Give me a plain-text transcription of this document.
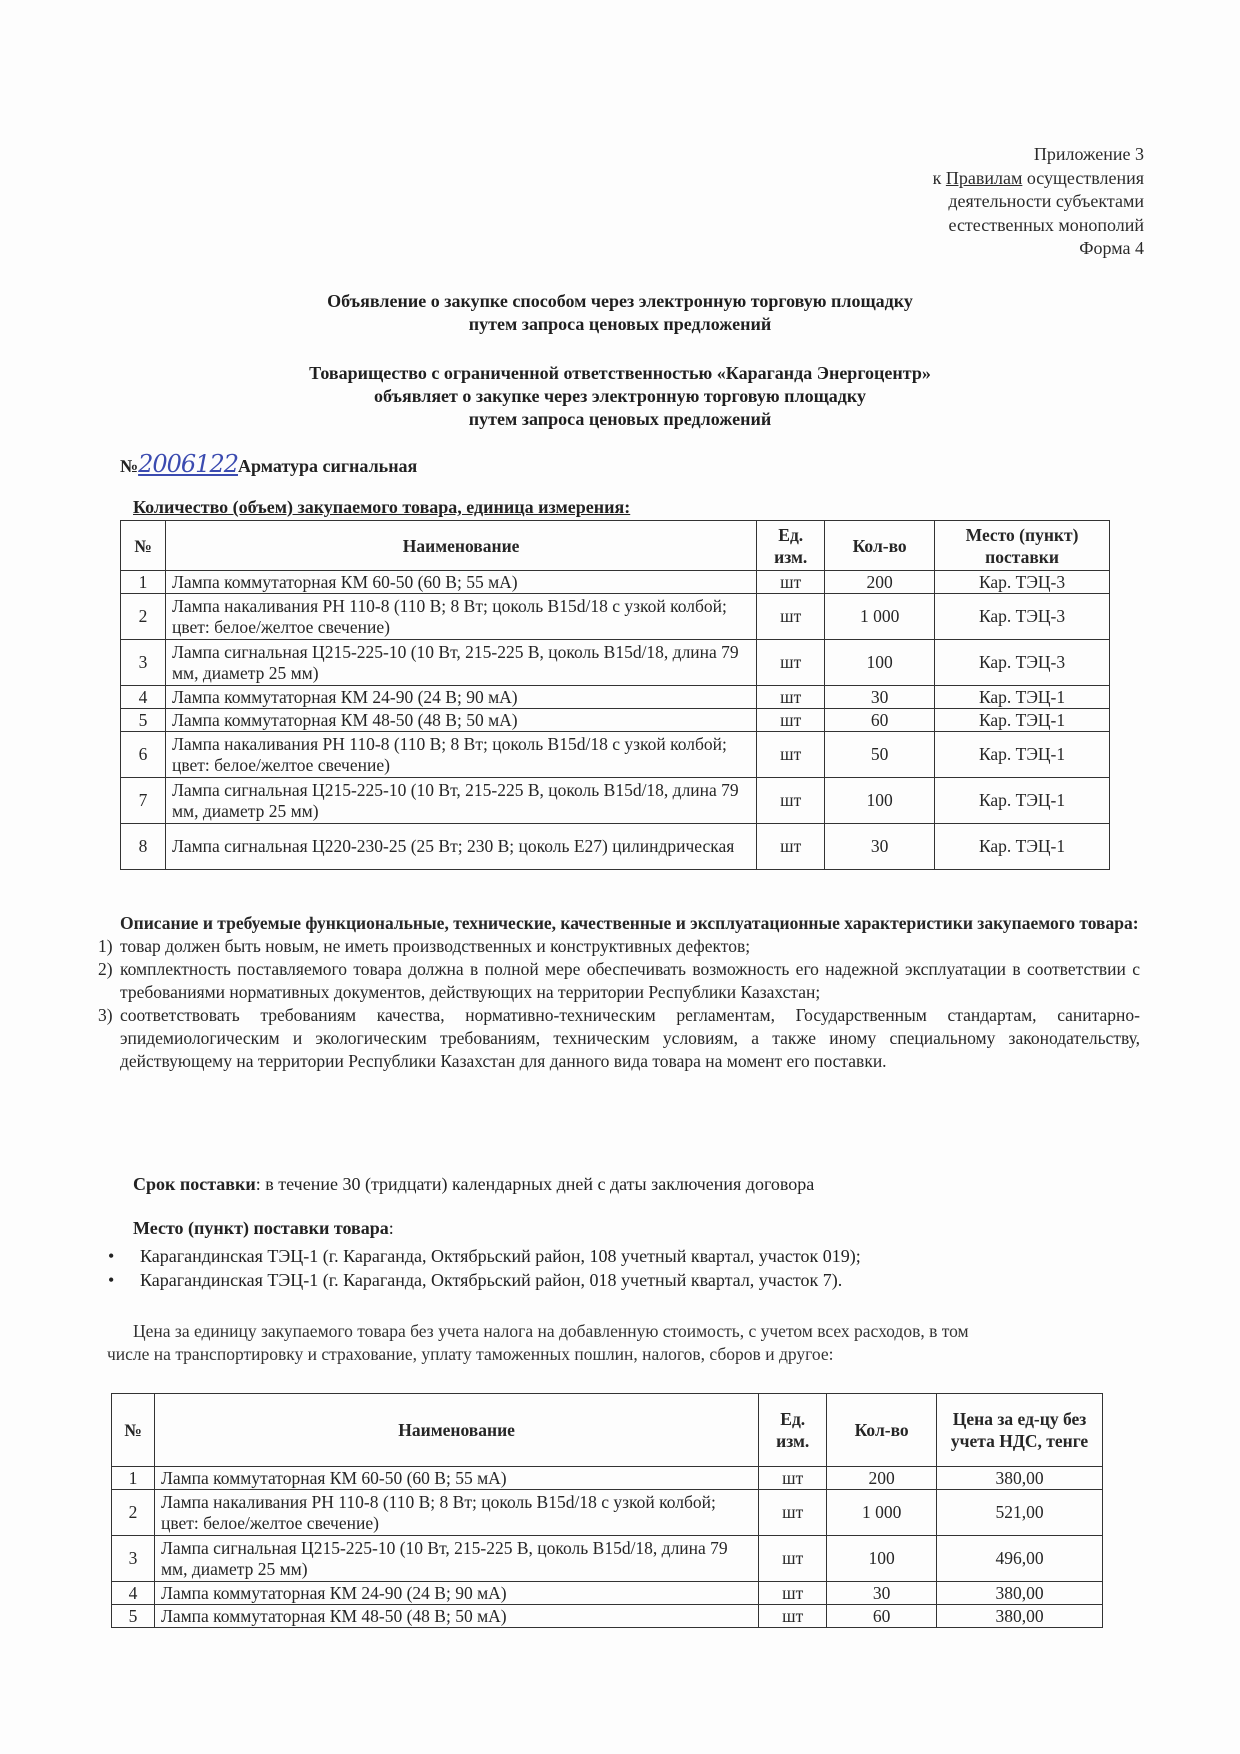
Приложение 3
к Правилам осуществления
деятельности субъектами
естественных монополий
Форма 4
Объявление о закупке способом через электронную торговую площадку
путем запроса ценовых предложений
Товарищество с ограниченной ответственностью «Караганда Энергоцентр»
объявляет о закупке через электронную торговую площадку
путем запроса ценовых предложений
№2006122Арматура сигнальная
Количество (объем) закупаемого товара, единица измерения:
№	Наименование	Ед. изм.	Кол-во	Место (пункт) поставки
1	Лампа коммутаторная КМ 60-50 (60 В; 55 мА)	шт	200	Кар. ТЭЦ-3
2	Лампа накаливания РН 110-8 (110 В; 8 Вт; цоколь B15d/18 с узкой колбой; цвет: белое/желтое свечение)	шт	1 000	Кар. ТЭЦ-3
3	Лампа сигнальная Ц215-225-10 (10 Вт, 215-225 В, цоколь B15d/18, длина 79 мм, диаметр 25 мм)	шт	100	Кар. ТЭЦ-3
4	Лампа коммутаторная КМ 24-90 (24 В; 90 мА)	шт	30	Кар. ТЭЦ-1
5	Лампа коммутаторная КМ 48-50 (48 В; 50 мА)	шт	60	Кар. ТЭЦ-1
6	Лампа накаливания РН 110-8 (110 В; 8 Вт; цоколь B15d/18 с узкой колбой; цвет: белое/желтое свечение)	шт	50	Кар. ТЭЦ-1
7	Лампа сигнальная Ц215-225-10 (10 Вт, 215-225 В, цоколь B15d/18, длина 79 мм, диаметр 25 мм)	шт	100	Кар. ТЭЦ-1
8	Лампа сигнальная Ц220-230-25 (25 Вт; 230 В; цоколь Е27) цилиндрическая	шт	30	Кар. ТЭЦ-1
Описание и требуемые функциональные, технические, качественные и эксплуатационные характеристики закупаемого товара:
1) товар должен быть новым, не иметь производственных и конструктивных дефектов;
2) комплектность поставляемого товара должна в полной мере обеспечивать возможность его надежной эксплуатации в соответствии с требованиями нормативных документов, действующих на территории Республики Казахстан;
3) соответствовать требованиям качества, нормативно-техническим регламентам, Государственным стандартам, санитарно-эпидемиологическим и экологическим требованиям, техническим условиям, а также иному специальному законодательству, действующему на территории Республики Казахстан для данного вида товара на момент его поставки.
Срок поставки: в течение 30 (тридцати) календарных дней с даты заключения договора
Место (пункт) поставки товара:
• Карагандинская ТЭЦ-1 (г. Караганда, Октябрьский район, 108 учетный квартал, участок 019);
• Карагандинская ТЭЦ-1 (г. Караганда, Октябрьский район, 018 учетный квартал, участок 7).
Цена за единицу закупаемого товара без учета налога на добавленную стоимость, с учетом всех расходов, в том
числе на транспортировку и страхование, уплату таможенных пошлин, налогов, сборов и другое:
№	Наименование	Ед. изм.	Кол-во	Цена за ед-цу без учета НДС, тенге
1	Лампа коммутаторная КМ 60-50 (60 В; 55 мА)	шт	200	380,00
2	Лампа накаливания РН 110-8 (110 В; 8 Вт; цоколь B15d/18 с узкой колбой; цвет: белое/желтое свечение)	шт	1 000	521,00
3	Лампа сигнальная Ц215-225-10 (10 Вт, 215-225 В, цоколь B15d/18, длина 79 мм, диаметр 25 мм)	шт	100	496,00
4	Лампа коммутаторная КМ 24-90 (24 В; 90 мА)	шт	30	380,00
5	Лампа коммутаторная КМ 48-50 (48 В; 50 мА)	шт	60	380,00
